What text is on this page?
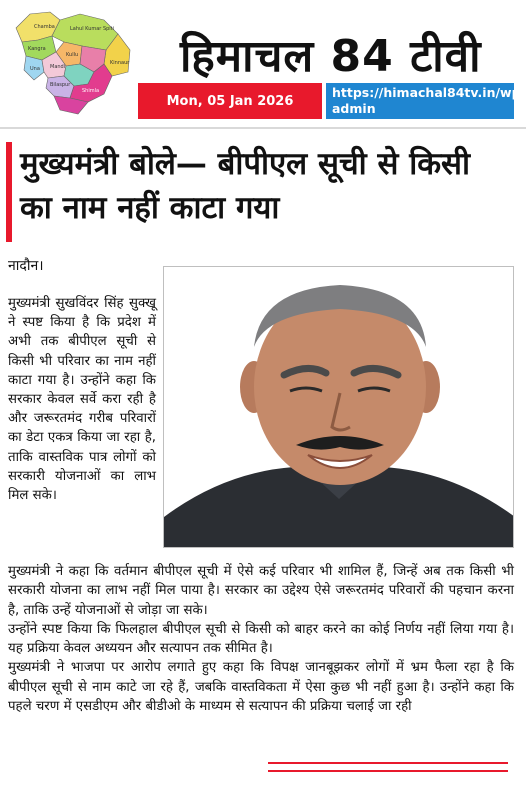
Chamba	Lahul Kumar Spiti
Kangra
Kullu
Una Mandi
Kinnaur
Bilaspur
Shimla
हिमाचल 84 टीवी
Mon, 05 Jan 2026
https://himachal84tv.in/wp-admin
मुख्यमंत्री बोले— बीपीएल सूची से किसी का नाम नहीं काटा गया
नादौन।
मुख्यमंत्री सुखविंदर सिंह सुक्खू ने स्पष्ट किया है कि प्रदेश में अभी तक बीपीएल सूची से किसी भी परिवार का नाम नहीं काटा गया है। उन्होंने कहा कि सरकार केवल सर्वे करा रही है और जरूरतमंद गरीब परिवारों का डेटा एकत्र किया जा रहा है, ताकि वास्तविक पात्र लोगों को सरकारी योजनाओं का लाभ मिल सके।

मुख्यमंत्री ने कहा कि वर्तमान बीपीएल सूची में ऐसे कई परिवार भी शामिल हैं, जिन्हें अब तक किसी भी सरकारी योजना का लाभ नहीं मिल पाया है। सरकार का उद्देश्य ऐसे जरूरतमंद परिवारों की पहचान करना है, ताकि उन्हें योजनाओं से जोड़ा जा सके।

उन्होंने स्पष्ट किया कि फिलहाल बीपीएल सूची से किसी को बाहर करने का कोई निर्णय नहीं लिया गया है। यह प्रक्रिया केवल अध्ययन और सत्यापन तक सीमित है।

मुख्यमंत्री ने भाजपा पर आरोप लगाते हुए कहा कि विपक्ष जानबूझकर लोगों में भ्रम फैला रहा है कि बीपीएल सूची से नाम काटे जा रहे हैं, जबकि वास्तविकता में ऐसा कुछ भी नहीं हुआ है। उन्होंने कहा कि पहले चरण में एसडीएम और बीडीओ के माध्यम से सत्यापन की प्रक्रिया चलाई जा रही
